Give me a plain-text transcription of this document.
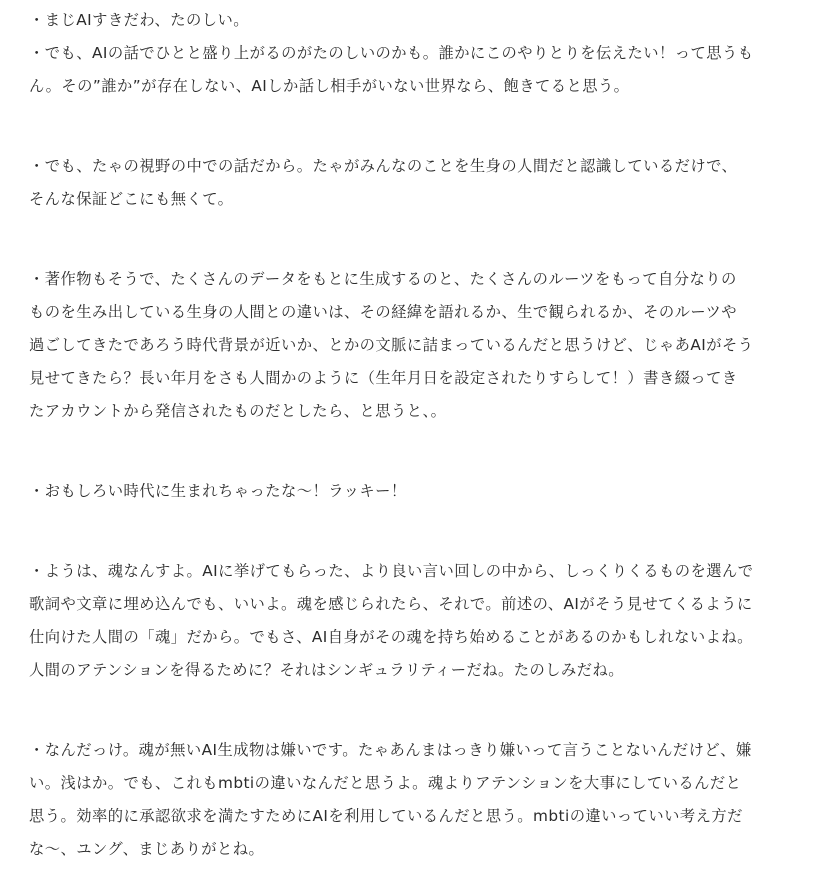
・まじAIすきだわ、たのしい。
・でも、AIの話でひとと盛り上がるのがたのしいのかも。誰かにこのやりとりを伝えたい！って思うも
ん。その”誰か”が存在しない、AIしか話し相手がいない世界なら、飽きてると思う。
・でも、たゃの視野の中での話だから。たゃがみんなのことを生身の人間だと認識しているだけで、
そんな保証どこにも無くて。
・著作物もそうで、たくさんのデータをもとに生成するのと、たくさんのルーツをもって自分なりの
ものを生み出している生身の人間との違いは、その経緯を語れるか、生で観られるか、そのルーツや
過ごしてきたであろう時代背景が近いか、とかの文脈に詰まっているんだと思うけど、じゃあAIがそう
見せてきたら？長い年月をさも人間かのように（生年月日を設定されたりすらして！）書き綴ってき
たアカウントから発信されたものだとしたら、と思うと、。
・おもしろい時代に生まれちゃったな〜！ラッキー！
・ようは、魂なんすよ。AIに挙げてもらった、より良い言い回しの中から、しっくりくるものを選んで
歌詞や文章に埋め込んでも、いいよ。魂を感じられたら、それで。前述の、AIがそう見せてくるように
仕向けた人間の「魂」だから。でもさ、AI自身がその魂を持ち始めることがあるのかもしれないよね。
人間のアテンションを得るために？それはシンギュラリティーだね。たのしみだね。
・なんだっけ。魂が無いAI生成物は嫌いです。たゃあんまはっきり嫌いって言うことないんだけど、嫌
い。浅はか。でも、これもmbtiの違いなんだと思うよ。魂よりアテンションを大事にしているんだと
思う。効率的に承認欲求を満たすためにAIを利用しているんだと思う。mbtiの違いっていい考え方だ
な〜、ユング、まじありがとね。
